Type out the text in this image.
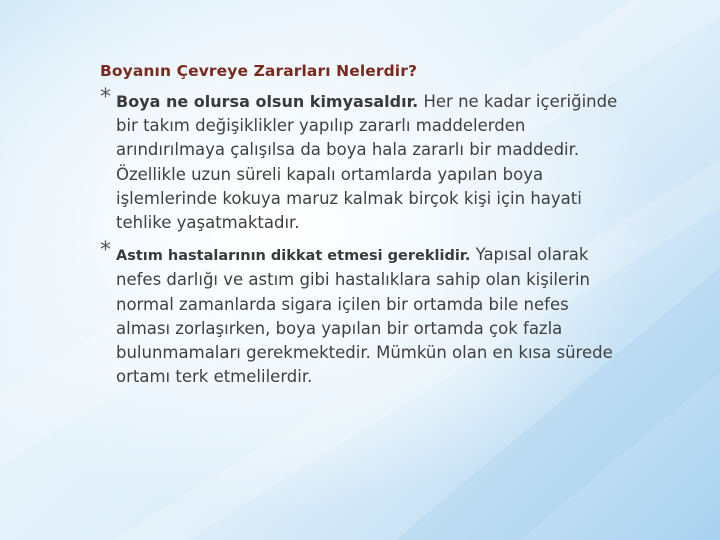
Boyanın Çevreye Zararları Nelerdir?
* Boya ne olursa olsun kimyasaldır. Her ne kadar içeriğinde bir takım değişiklikler yapılıp zararlı maddelerden arındırılmaya çalışılsa da boya hala zararlı bir maddedir. Özellikle uzun süreli kapalı ortamlarda yapılan boya işlemlerinde kokuya maruz kalmak birçok kişi için hayati tehlike yaşatmaktadır.
* Astım hastalarının dikkat etmesi gereklidir. Yapısal olarak nefes darlığı ve astım gibi hastalıklara sahip olan kişilerin normal zamanlarda sigara içilen bir ortamda bile nefes alması zorlaşırken, boya yapılan bir ortamda çok fazla bulunmamaları gerekmektedir. Mümkün olan en kısa sürede ortamı terk etmelilerdir.
